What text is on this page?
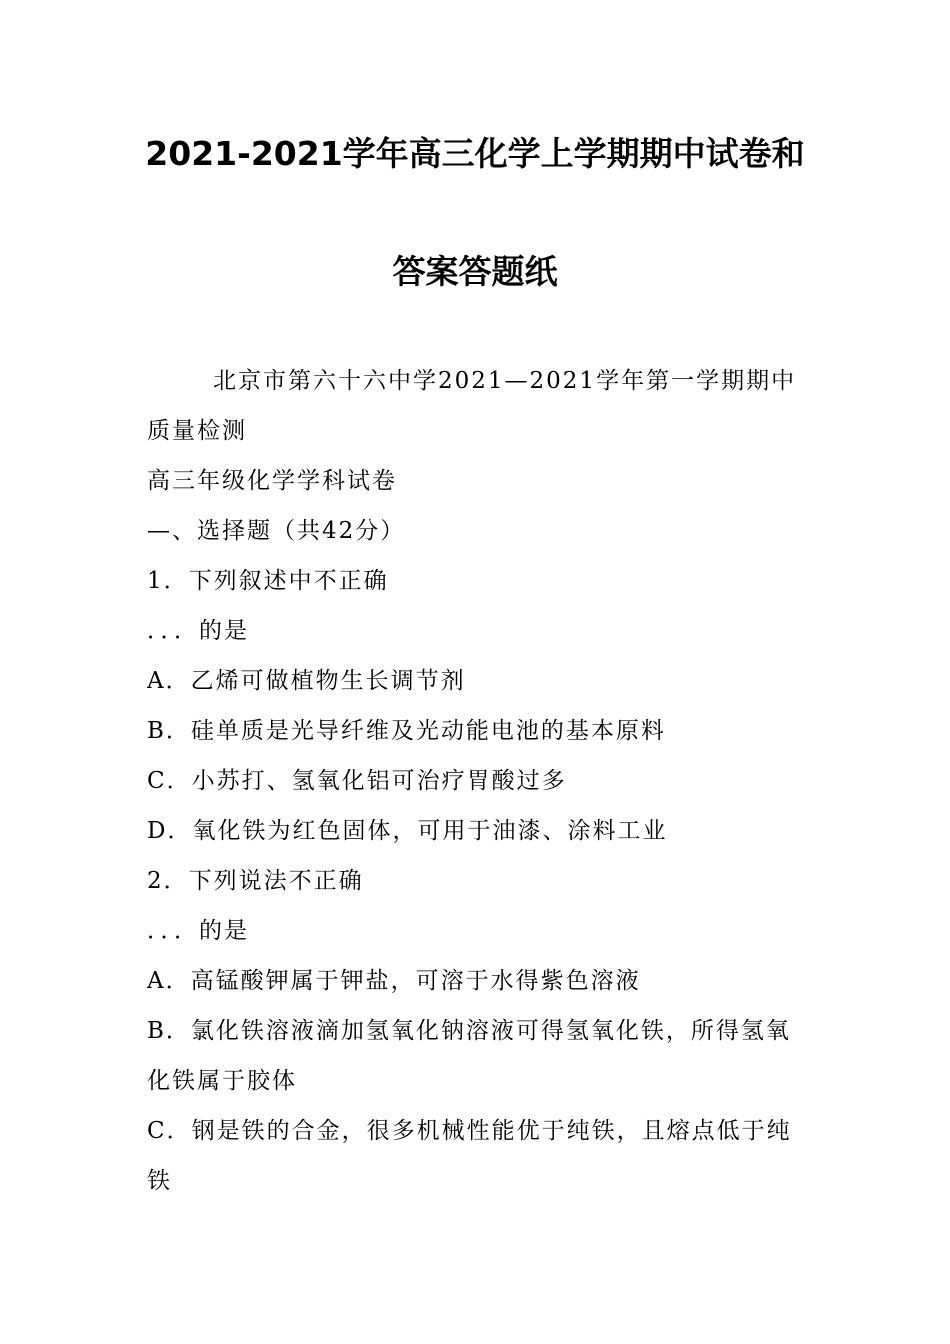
2021-2021学年高三化学上学期期中试卷和
答案答题纸
北京市第六十六中学2021—2021学年第一学期期中
质量检测
高三年级化学学科试卷
—、选择题（共42分）
1．下列叙述中不正确
．．．的是
A．乙烯可做植物生长调节剂
B．硅单质是光导纤维及光动能电池的基本原料
C．小苏打、氢氧化铝可治疗胃酸过多
D．氧化铁为红色固体，可用于油漆、涂料工业
2．下列说法不正确
．．．的是
A．高锰酸钾属于钾盐，可溶于水得紫色溶液
B．氯化铁溶液滴加氢氧化钠溶液可得氢氧化铁，所得氢氧
化铁属于胶体
C．钢是铁的合金，很多机械性能优于纯铁，且熔点低于纯
铁
